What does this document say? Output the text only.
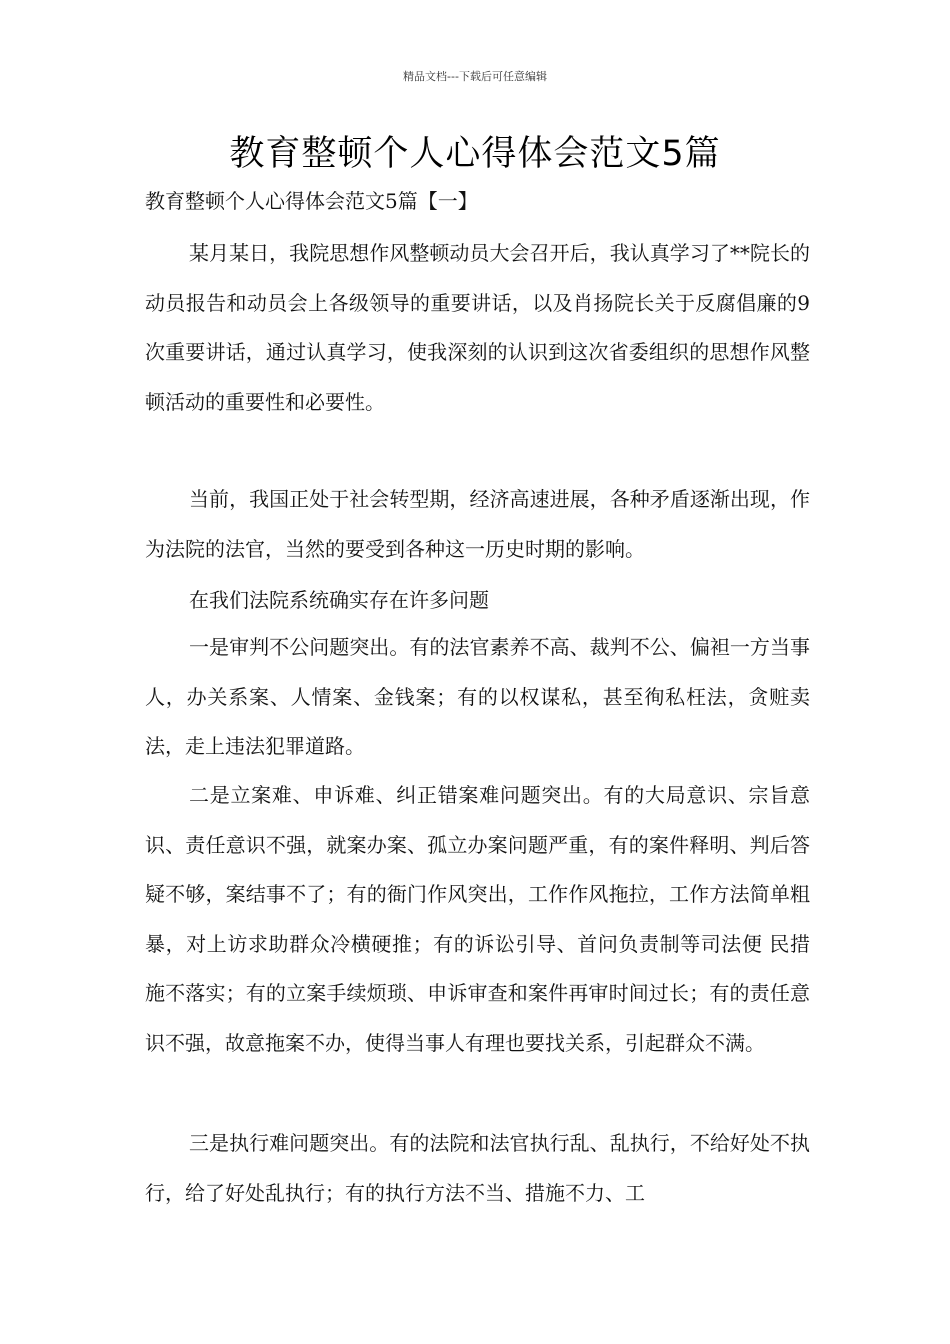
精品文档---下载后可任意编辑
教育整顿个人心得体会范文5篇
教育整顿个人心得体会范文5篇【一】

某月某日，我院思想作风整顿动员大会召开后，我认真学习了**院长的动员报告和动员会上各级领导的重要讲话，以及肖扬院长关于反腐倡廉的9次重要讲话，通过认真学习，使我深刻的认识到这次省委组织的思想作风整顿活动的重要性和必要性。

当前，我国正处于社会转型期，经济高速进展，各种矛盾逐渐出现，作为法院的法官，当然的要受到各种这一历史时期的影响。

在我们法院系统确实存在许多问题

一是审判不公问题突出。有的法官素养不高、裁判不公、偏袒一方当事人，办关系案、人情案、金钱案；有的以权谋私，甚至徇私枉法，贪赃卖法，走上违法犯罪道路。

二是立案难、申诉难、纠正错案难问题突出。有的大局意识、宗旨意识、责任意识不强，就案办案、孤立办案问题严重，有的案件释明、判后答疑不够，案结事不了；有的衙门作风突出，工作作风拖拉，工作方法简单粗暴，对上访求助群众冷横硬推；有的诉讼引导、首问负责制等司法便 民措施不落实；有的立案手续烦琐、申诉审查和案件再审时间过长；有的责任意识不强，故意拖案不办，使得当事人有理也要找关系，引起群众不满。

三是执行难问题突出。有的法院和法官执行乱、乱执行，不给好处不执行，给了好处乱执行；有的执行方法不当、措施不力、工
